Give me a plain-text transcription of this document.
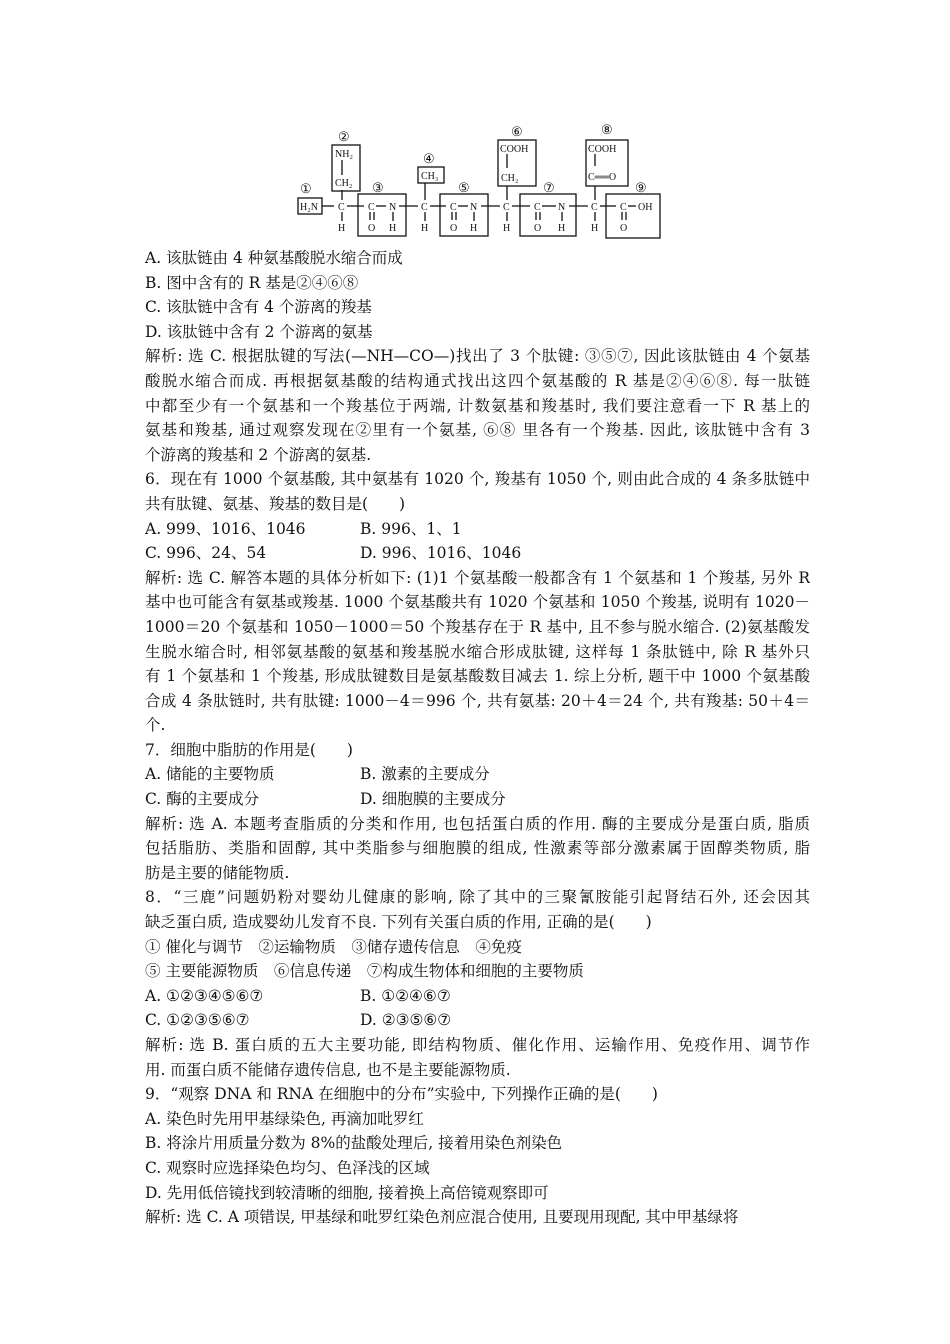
①
②
③
④
⑤
⑥
⑦
⑧
⑨
H₂N
NH₂
CH₂
CH₃
COOH
CH₂
COOH
C══O
C C N C C N	C C N	C C OH
H O H H O H	H O H	H O
A. 该肽链由 4 种氨基酸脱水缩合而成
B. 图中含有的 R 基是②④⑥⑧
C. 该肽链中含有 4 个游离的羧基
D. 该肽链中含有 2 个游离的氨基
解析: 选 C. 根据肽键的写法(—NH—CO—)找出了 3 个肽键: ③⑤⑦, 因此该肽链由 4 个氨基
酸脱水缩合而成. 再根据氨基酸的结构通式找出这四个氨基酸的 R 基是②④⑥⑧. 每一肽链
中都至少有一个氨基和一个羧基位于两端, 计数氨基和羧基时, 我们要注意看一下 R 基上的
氨基和羧基, 通过观察发现在②里有一个氨基, ⑥⑧ 里各有一个羧基. 因此, 该肽链中含有 3
个游离的羧基和 2 个游离的氨基.
6．现在有 1000 个氨基酸, 其中氨基有 1020 个, 羧基有 1050 个, 则由此合成的 4 条多肽链中
共有肽键、氨基、羧基的数目是(　　)
A. 999、1016、1046	B. 996、1、1
C. 996、24、54	D. 996、1016、1046
解析: 选 C. 解答本题的具体分析如下: (1)1 个氨基酸一般都含有 1 个氨基和 1 个羧基, 另外 R
基中也可能含有氨基或羧基. 1000 个氨基酸共有 1020 个氨基和 1050 个羧基, 说明有 1020－
1000＝20 个氨基和 1050－1000＝50 个羧基存在于 R 基中, 且不参与脱水缩合. (2)氨基酸发
生脱水缩合时, 相邻氨基酸的氨基和羧基脱水缩合形成肽键, 这样每 1 条肽链中, 除 R 基外只
有 1 个氨基和 1 个羧基, 形成肽键数目是氨基酸数目减去 1. 综上分析, 题干中 1000 个氨基酸
合成 4 条肽链时, 共有肽键: 1000－4＝996 个, 共有氨基: 20＋4＝24 个, 共有羧基: 50＋4＝
个.
7．细胞中脂肪的作用是(　　)
A. 储能的主要物质	B. 激素的主要成分
C. 酶的主要成分	D. 细胞膜的主要成分
解析: 选 A. 本题考查脂质的分类和作用, 也包括蛋白质的作用. 酶的主要成分是蛋白质, 脂质
包括脂肪、类脂和固醇, 其中类脂参与细胞膜的组成, 性激素等部分激素属于固醇类物质, 脂
肪是主要的储能物质.
8．“三鹿”问题奶粉对婴幼儿健康的影响, 除了其中的三聚氰胺能引起肾结石外, 还会因其
缺乏蛋白质, 造成婴幼儿发育不良. 下列有关蛋白质的作用, 正确的是(　　)
① 催化与调节　②运输物质　③储存遗传信息　④免疫
⑤ 主要能源物质　⑥信息传递　⑦构成生物体和细胞的主要物质
A. ①②③④⑤⑥⑦	B. ①②④⑥⑦
C. ①②③⑤⑥⑦	D. ②③⑤⑥⑦
解析: 选 B. 蛋白质的五大主要功能, 即结构物质、催化作用、运输作用、免疫作用、调节作
用. 而蛋白质不能储存遗传信息, 也不是主要能源物质.
9．“观察 DNA 和 RNA 在细胞中的分布”实验中, 下列操作正确的是(　　)
A. 染色时先用甲基绿染色, 再滴加吡罗红
B. 将涂片用质量分数为 8%的盐酸处理后, 接着用染色剂染色
C. 观察时应选择染色均匀、色泽浅的区域
D. 先用低倍镜找到较清晰的细胞, 接着换上高倍镜观察即可
解析: 选 C. A 项错误, 甲基绿和吡罗红染色剂应混合使用, 且要现用现配, 其中甲基绿将
